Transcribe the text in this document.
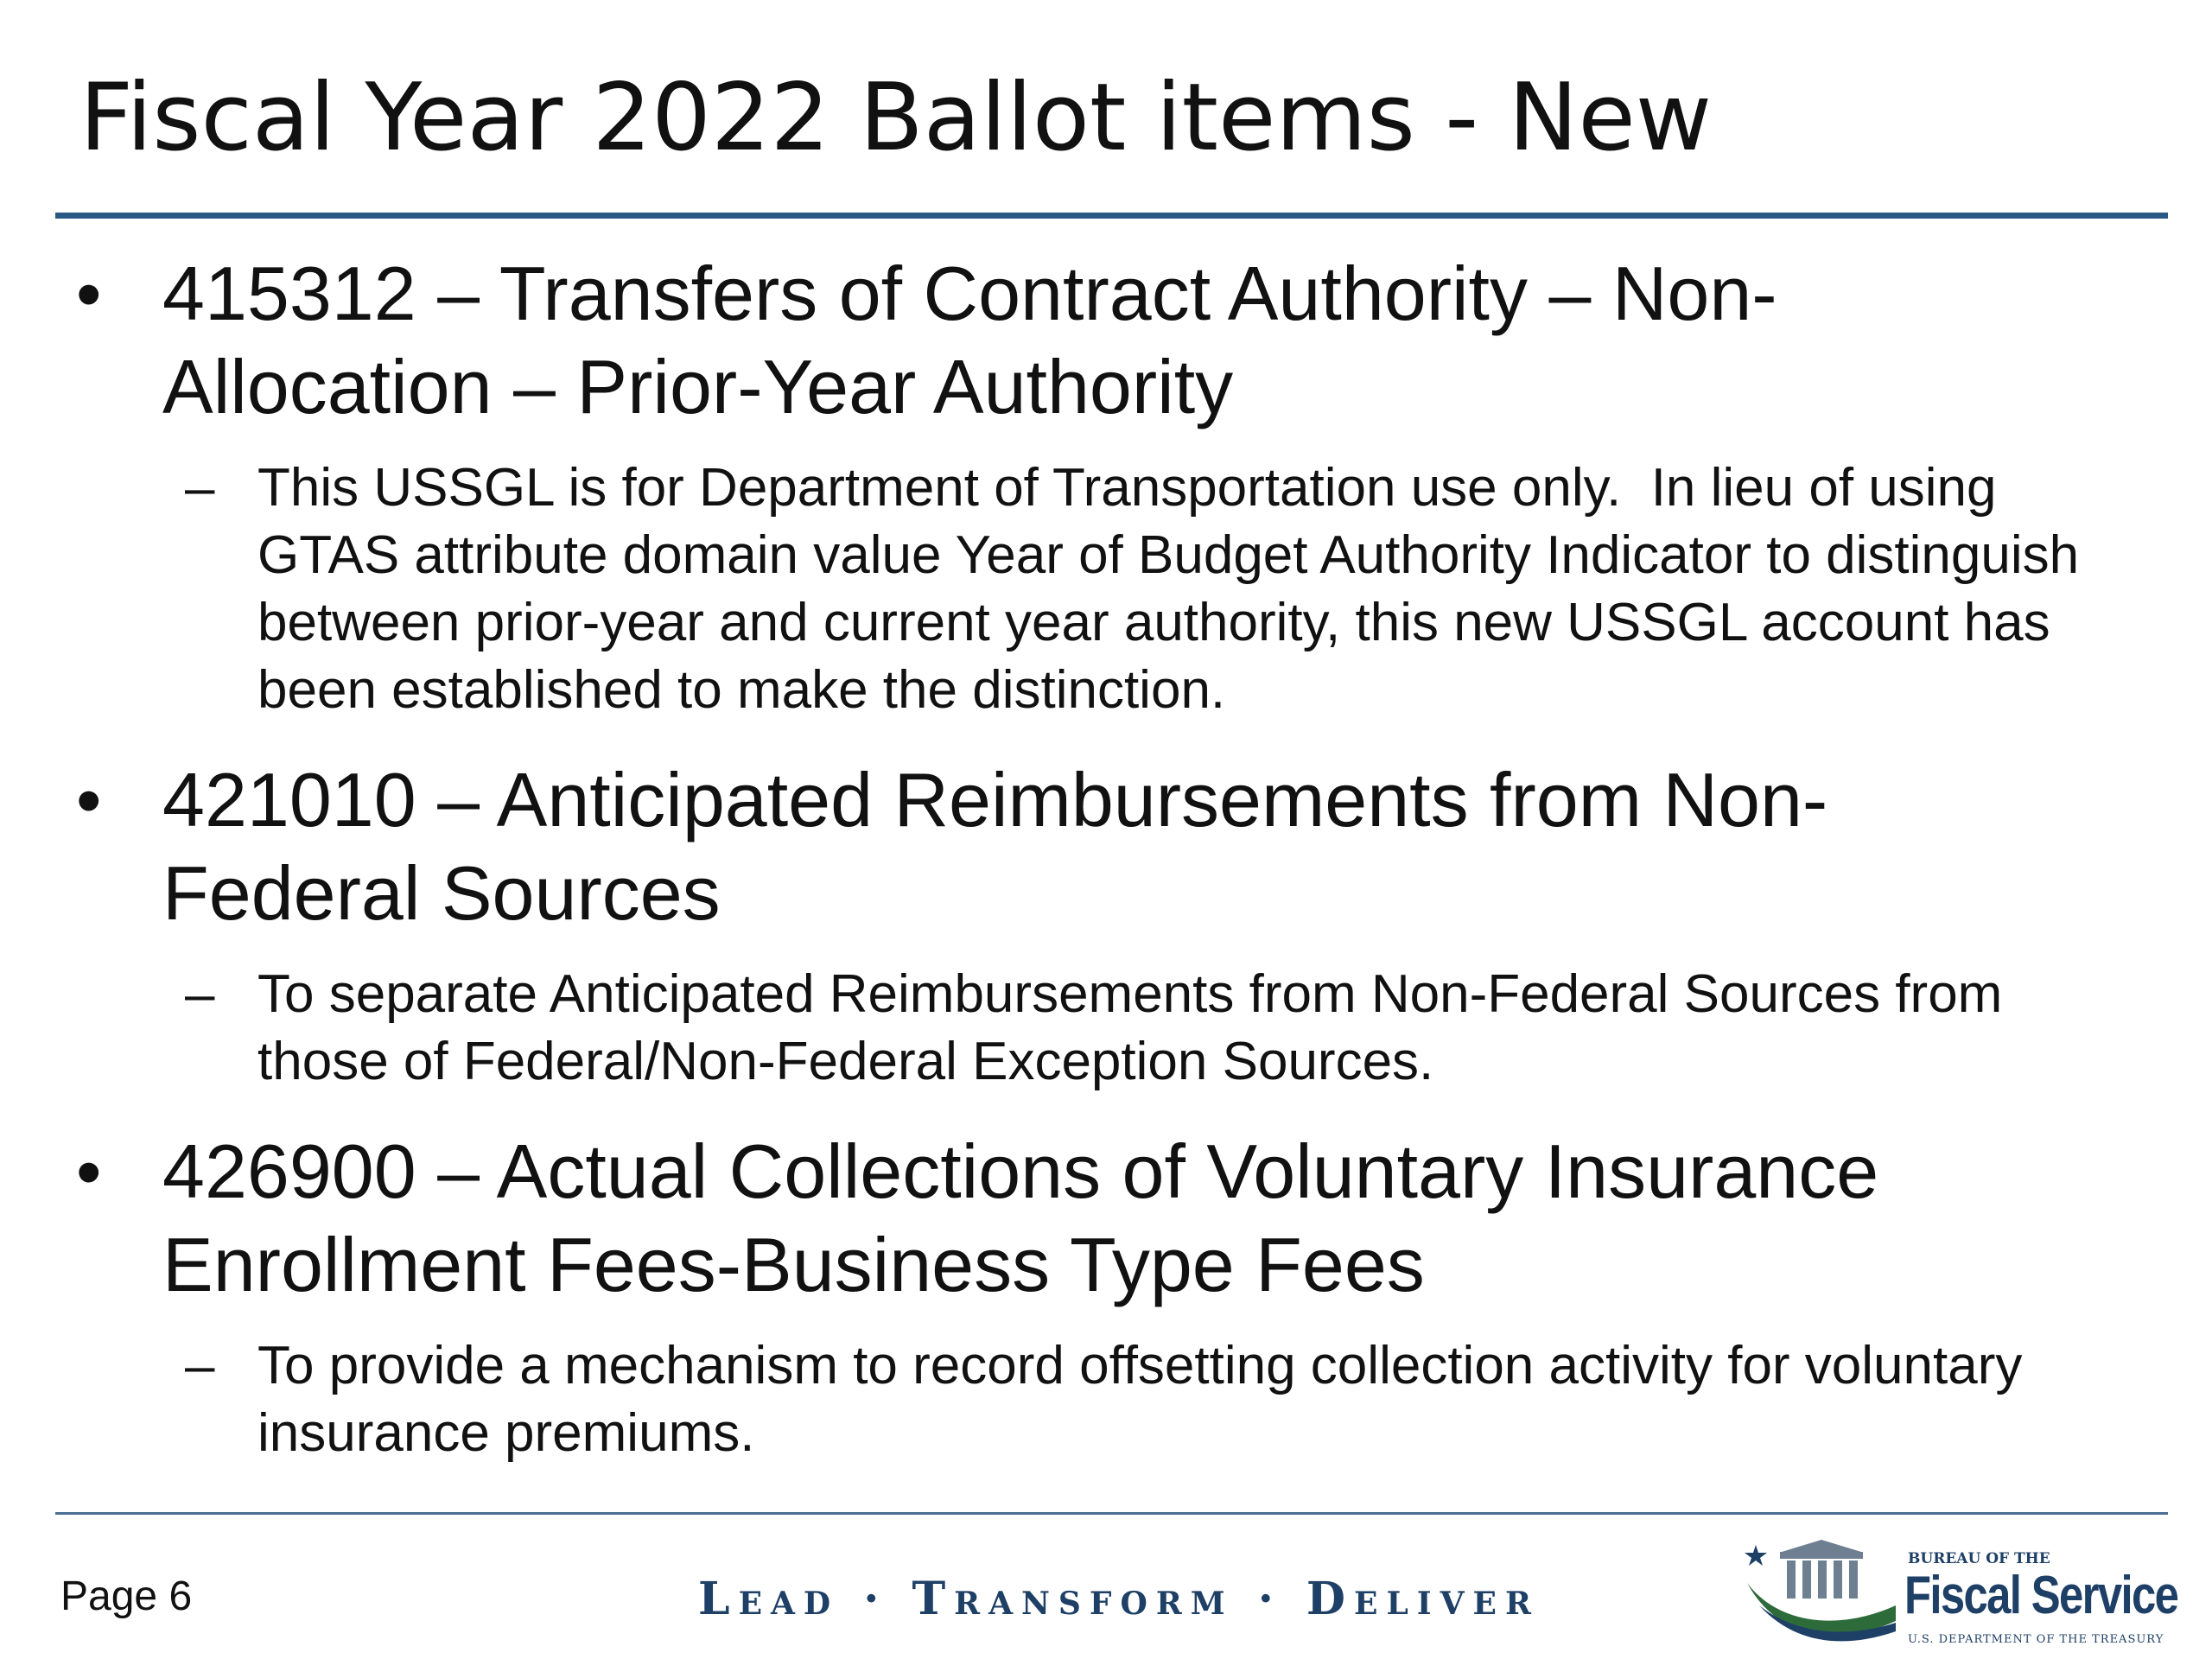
Fiscal Year 2022 Ballot items - New
• 415312 – Transfers of Contract Authority – Non-Allocation – Prior-Year Authority
– This USSGL is for Department of Transportation use only.  In lieu of using GTAS attribute domain value Year of Budget Authority Indicator to distinguish between prior-year and current year authority, this new USSGL account has been established to make the distinction.
• 421010 – Anticipated Reimbursements from Non-Federal Sources
– To separate Anticipated Reimbursements from Non-Federal Sources from those of Federal/Non-Federal Exception Sources.
• 426900 – Actual Collections of Voluntary Insurance Enrollment Fees-Business Type Fees
– To provide a mechanism to record offsetting collection activity for voluntary insurance premiums.
Page 6	Lead · Transform · Deliver
BUREAU OF THE
Fiscal Service
U.S. DEPARTMENT OF THE TREASURY
